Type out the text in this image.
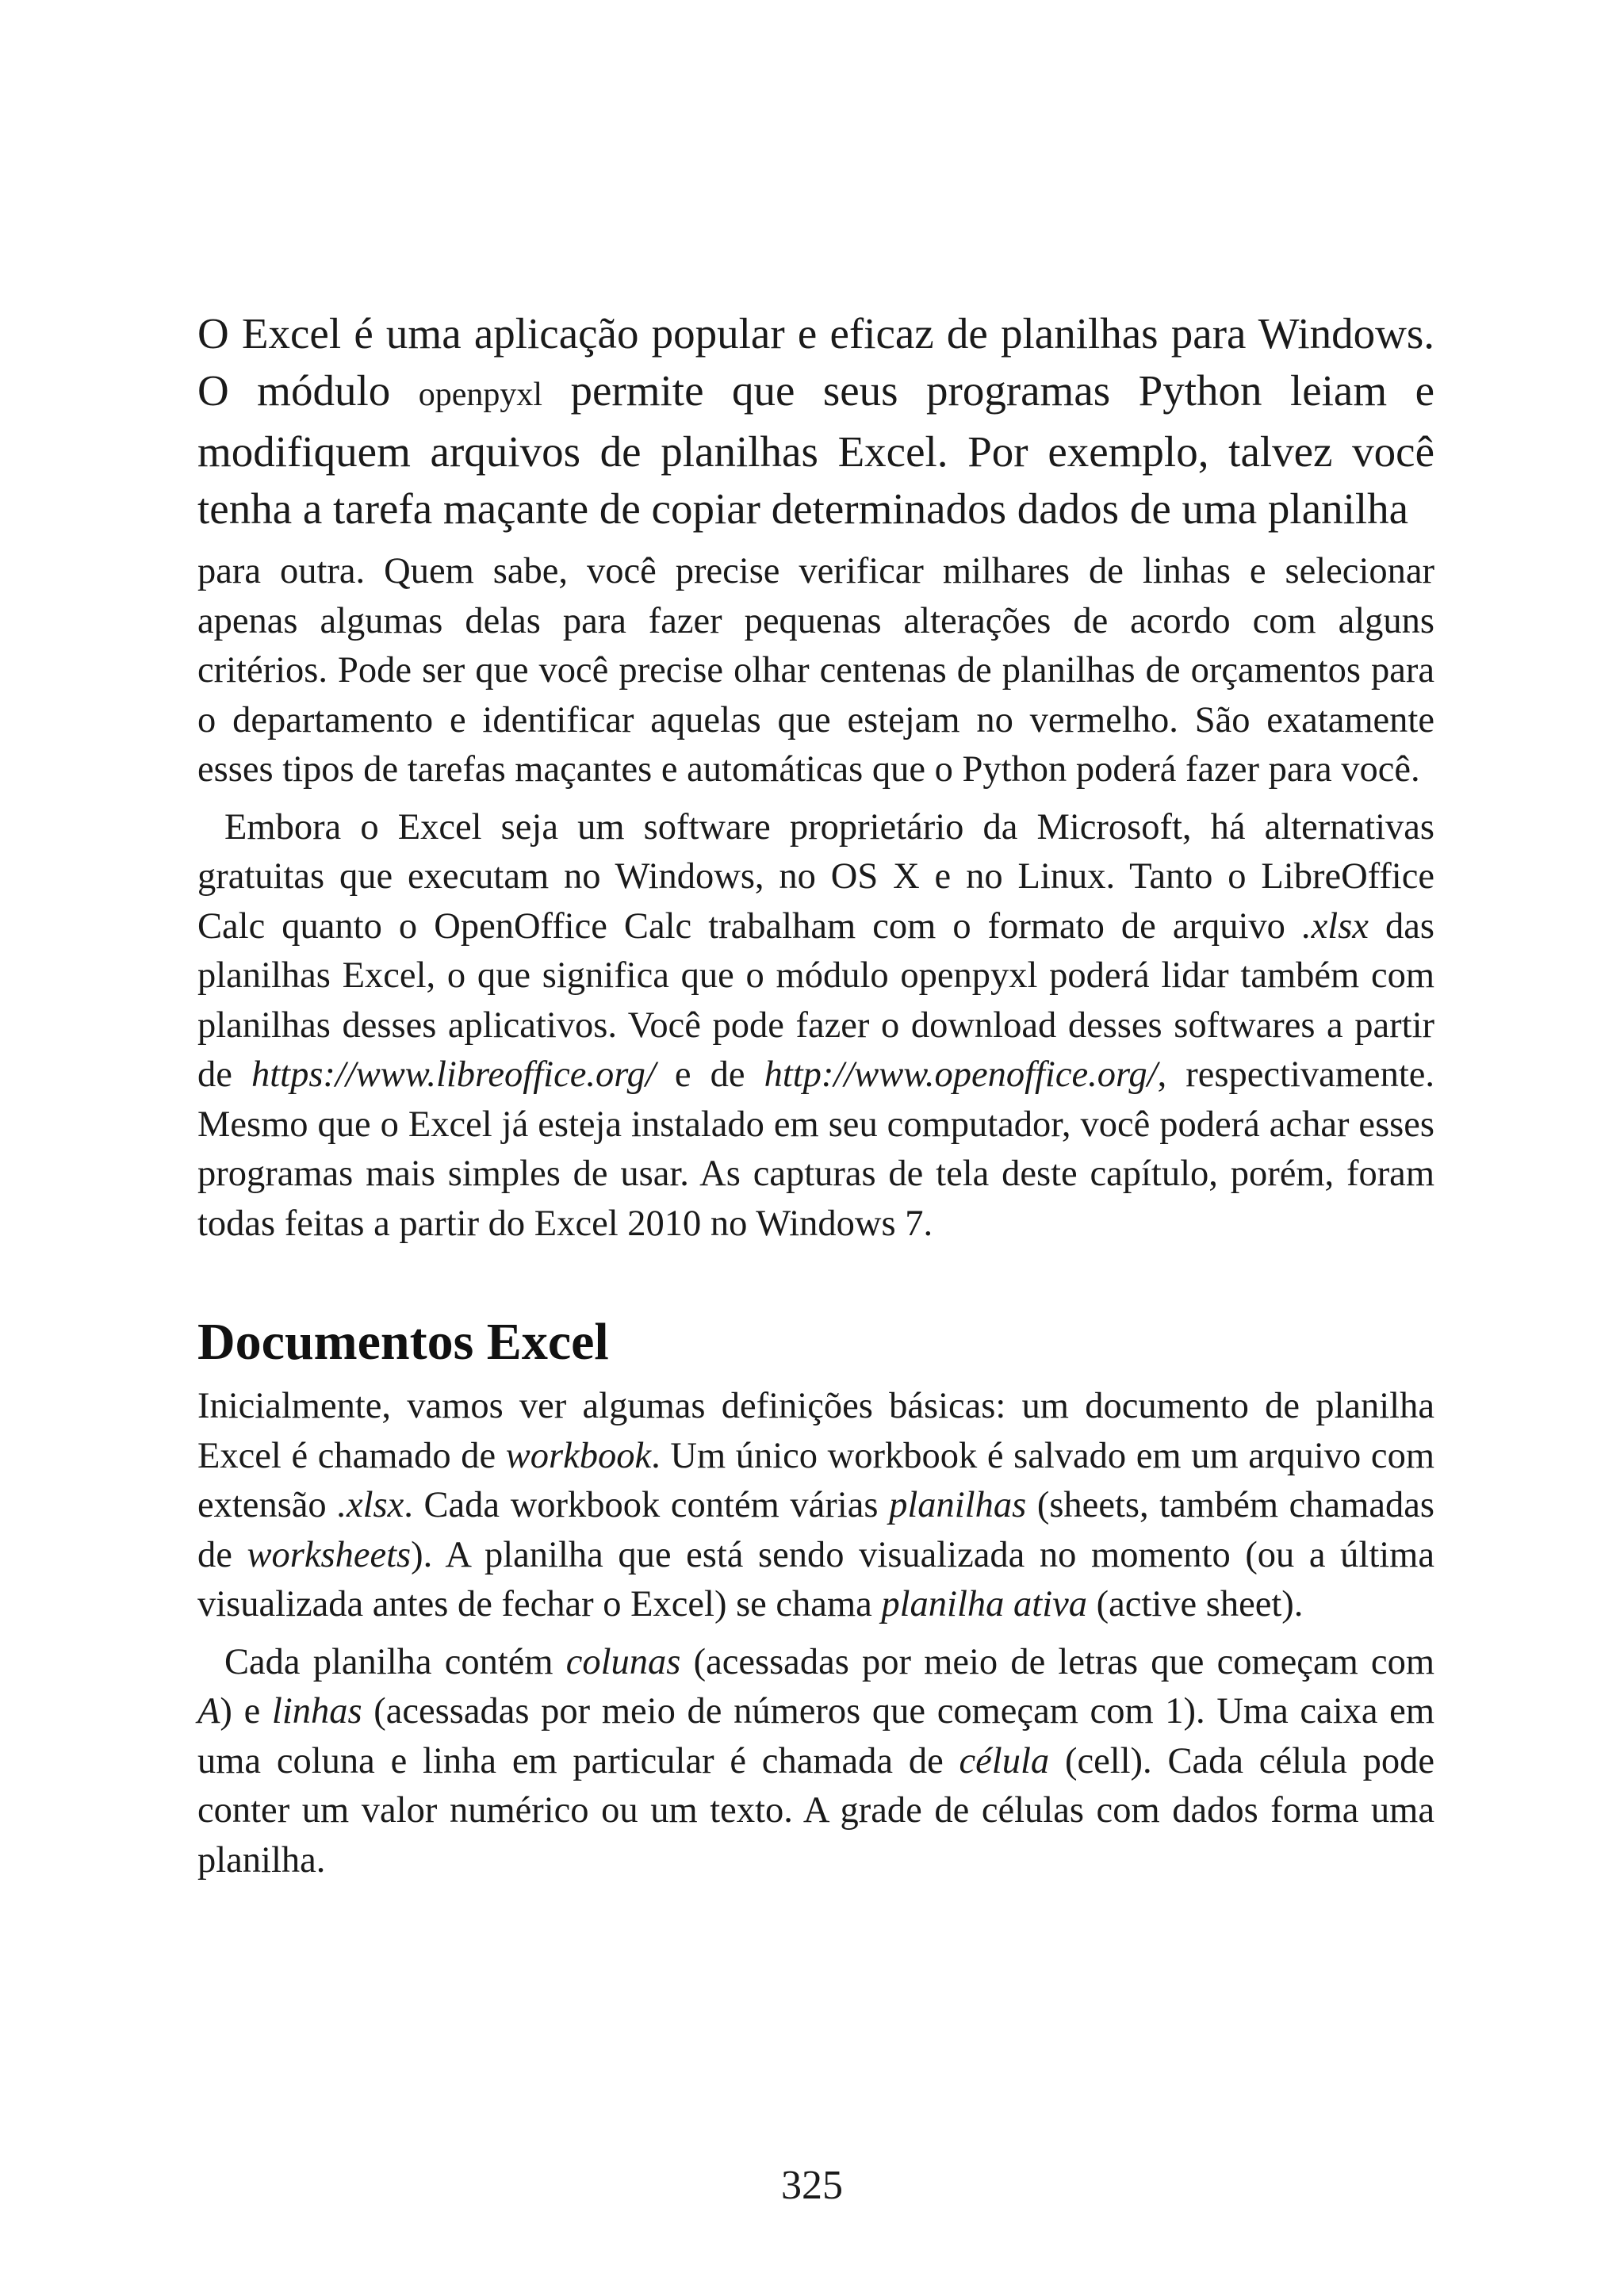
O Excel é uma aplicação popular e eficaz de planilhas para Windows. O módulo openpyxl permite que seus programas Python leiam e modifiquem arquivos de planilhas Excel. Por exemplo, talvez você tenha a tarefa maçante de copiar determinados dados de uma planilha

para outra. Quem sabe, você precise verificar milhares de linhas e selecionar apenas algumas delas para fazer pequenas alterações de acordo com alguns critérios. Pode ser que você precise olhar centenas de planilhas de orçamentos para o departamento e identificar aquelas que estejam no vermelho. São exatamente esses tipos de tarefas maçantes e automáticas que o Python poderá fazer para você.

Embora o Excel seja um software proprietário da Microsoft, há alternativas gratuitas que executam no Windows, no OS X e no Linux. Tanto o LibreOffice Calc quanto o OpenOffice Calc trabalham com o formato de arquivo .xlsx das planilhas Excel, o que significa que o módulo openpyxl poderá lidar também com planilhas desses aplicativos. Você pode fazer o download desses softwares a partir de https://www.libreoffice.org/ e de http://www.openoffice.org/, respectivamente. Mesmo que o Excel já esteja instalado em seu computador, você poderá achar esses programas mais simples de usar. As capturas de tela deste capítulo, porém, foram todas feitas a partir do Excel 2010 no Windows 7.

Documentos Excel

Inicialmente, vamos ver algumas definições básicas: um documento de planilha Excel é chamado de workbook. Um único workbook é salvado em um arquivo com extensão .xlsx. Cada workbook contém várias planilhas (sheets, também chamadas de worksheets). A planilha que está sendo visualizada no momento (ou a última visualizada antes de fechar o Excel) se chama planilha ativa (active sheet).

Cada planilha contém colunas (acessadas por meio de letras que começam com A) e linhas (acessadas por meio de números que começam com 1). Uma caixa em uma coluna e linha em particular é chamada de célula (cell). Cada célula pode conter um valor numérico ou um texto. A grade de células com dados forma uma planilha.

325
